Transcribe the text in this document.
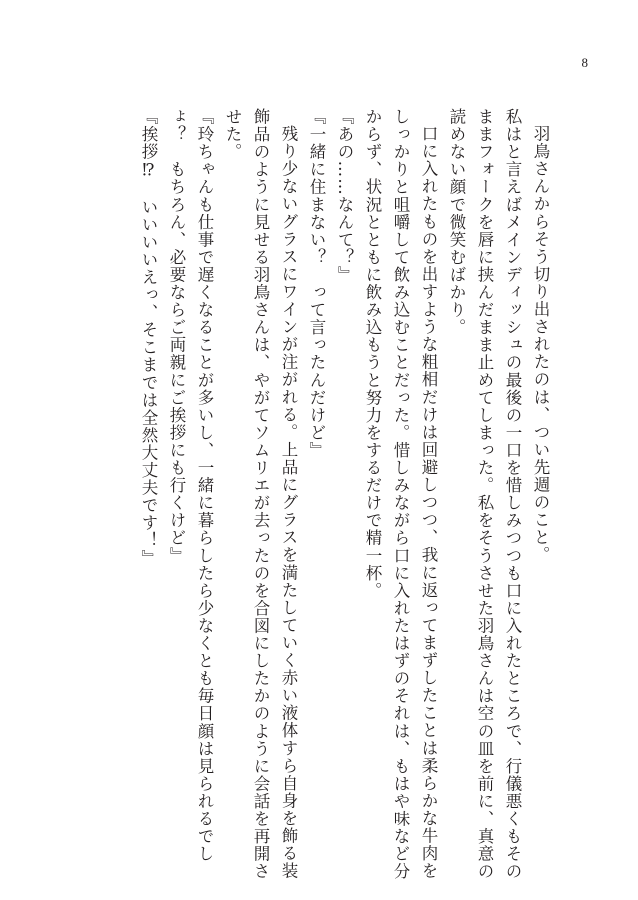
8

羽鳥さんからそう切り出されたのは、つい先週のこと。

私はと言えばメインディッシュの最後の一口を惜しみつつも口に入れたところで、行儀悪くもそのままフォークを唇に挟んだまま止めてしまった。私をそうさせた羽鳥さんは空の皿を前に、真意の読めない顔で微笑むばかり。

口に入れたものを出すような粗相だけは回避しつつ、我に返ってまずしたことは柔らかな牛肉をしっかりと咀嚼して飲み込むことだった。惜しみながら口に入れたはずのそれは、もはや味など分からず、状況とともに飲み込もうと努力をするだけで精一杯。

『あの……なんて？』

『一緒に住まない？　って言ったんだけど』

残り少ないグラスにワインが注がれる。上品にグラスを満たしていく赤い液体すら自身を飾る装飾品のように見せる羽鳥さんは、やがてソムリエが去ったのを合図にしたかのように会話を再開させた。

『玲ちゃんも仕事で遅くなることが多いし、一緒に暮らしたら少なくとも毎日顔は見られるでしょ？　もちろん、必要ならご両親にご挨拶にも行くけど』

『挨拶⁉　いいいいえっ、そこまでは全然大丈夫です！』
